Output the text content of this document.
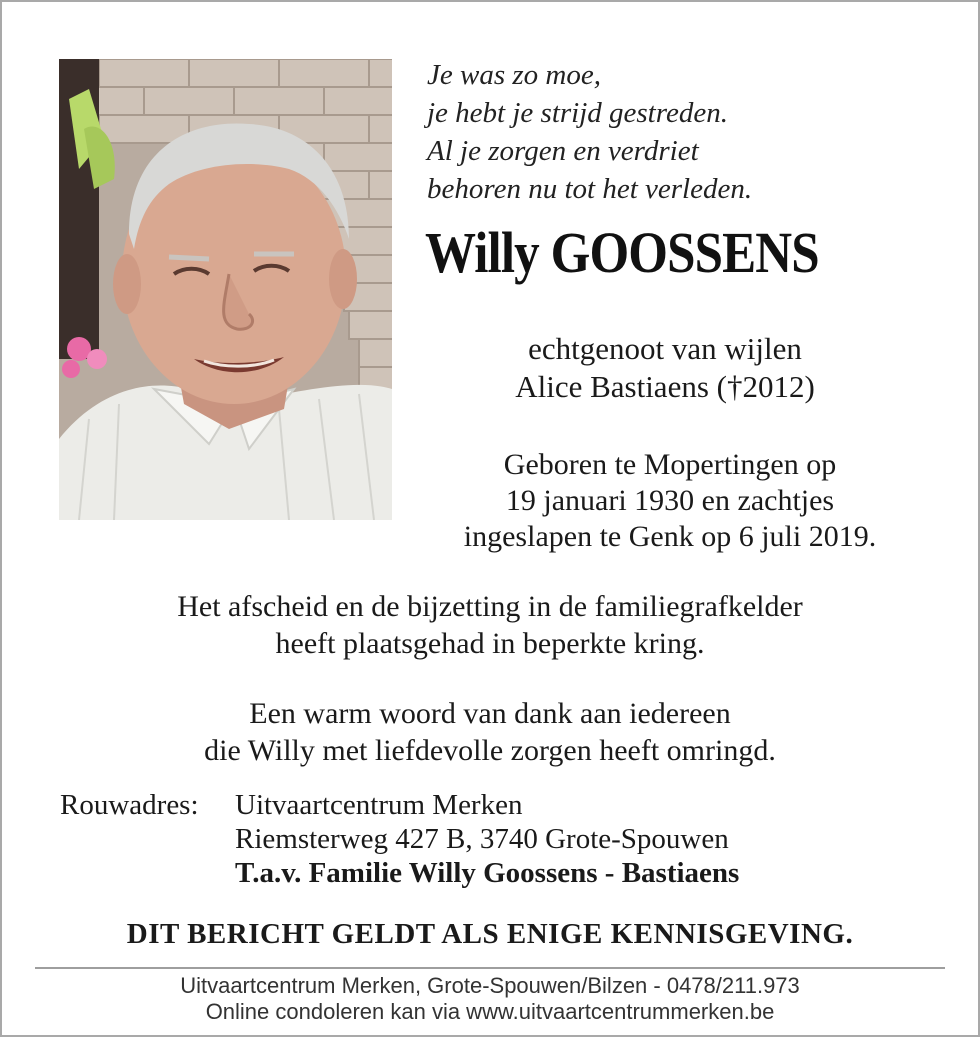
Je was zo moe,
je hebt je strijd gestreden.
Al je zorgen en verdriet
behoren nu tot het verleden.
Willy GOOSSENS
echtgenoot van wijlen
Alice Bastiaens (†2012)
Geboren te Mopertingen op
19 januari 1930 en zachtjes
ingeslapen te Genk op 6 juli 2019.
Het afscheid en de bijzetting in de familiegrafkelder
heeft plaatsgehad in beperkte kring.
Een warm woord van dank aan iedereen
die Willy met liefdevolle zorgen heeft omringd.
Rouwadres: Uitvaartcentrum Merken
Riemsterweg 427 B, 3740 Grote-Spouwen
T.a.v. Familie Willy Goossens - Bastiaens
DIT BERICHT GELDT ALS ENIGE KENNISGEVING.
Uitvaartcentrum Merken, Grote-Spouwen/Bilzen - 0478/211.973
Online condoleren kan via www.uitvaartcentrummerken.be
